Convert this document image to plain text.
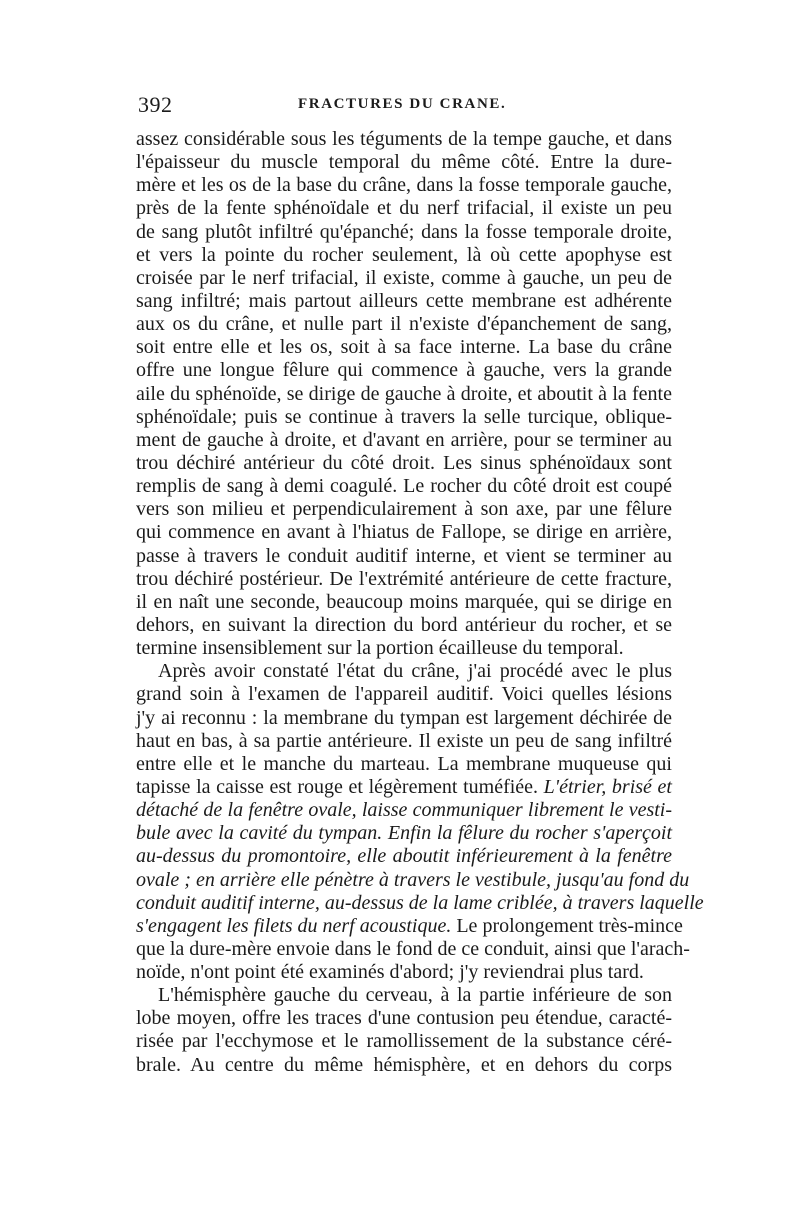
392	FRACTURES DU CRANE.
assez considérable sous les téguments de la tempe gauche, et dans
l'épaisseur du muscle temporal du même côté. Entre la dure-
mère et les os de la base du crâne, dans la fosse temporale gauche,
près de la fente sphénoïdale et du nerf trifacial, il existe un peu
de sang plutôt infiltré qu'épanché; dans la fosse temporale droite,
et vers la pointe du rocher seulement, là où cette apophyse est
croisée par le nerf trifacial, il existe, comme à gauche, un peu de
sang infiltré; mais partout ailleurs cette membrane est adhérente
aux os du crâne, et nulle part il n'existe d'épanchement de sang,
soit entre elle et les os, soit à sa face interne. La base du crâne
offre une longue fêlure qui commence à gauche, vers la grande
aile du sphénoïde, se dirige de gauche à droite, et aboutit à la fente
sphénoïdale; puis se continue à travers la selle turcique, oblique-
ment de gauche à droite, et d'avant en arrière, pour se terminer au
trou déchiré antérieur du côté droit. Les sinus sphénoïdaux sont
remplis de sang à demi coagulé. Le rocher du côté droit est coupé
vers son milieu et perpendiculairement à son axe, par une fêlure
qui commence en avant à l'hiatus de Fallope, se dirige en arrière,
passe à travers le conduit auditif interne, et vient se terminer au
trou déchiré postérieur. De l'extrémité antérieure de cette fracture,
il en naît une seconde, beaucoup moins marquée, qui se dirige en
dehors, en suivant la direction du bord antérieur du rocher, et se
termine insensiblement sur la portion écailleuse du temporal.
Après avoir constaté l'état du crâne, j'ai procédé avec le plus
grand soin à l'examen de l'appareil auditif. Voici quelles lésions
j'y ai reconnu : la membrane du tympan est largement déchirée de
haut en bas, à sa partie antérieure. Il existe un peu de sang infiltré
entre elle et le manche du marteau. La membrane muqueuse qui
tapisse la caisse est rouge et légèrement tuméfiée. L'étrier, brisé et
détaché de la fenêtre ovale, laisse communiquer librement le vesti-
bule avec la cavité du tympan. Enfin la fêlure du rocher s'aperçoit
au-dessus du promontoire, elle aboutit inférieurement à la fenêtre
ovale ; en arrière elle pénètre à travers le vestibule, jusqu'au fond du
conduit auditif interne, au-dessus de la lame criblée, à travers laquelle
s'engagent les filets du nerf acoustique. Le prolongement très-mince
que la dure-mère envoie dans le fond de ce conduit, ainsi que l'arach-
noïde, n'ont point été examinés d'abord; j'y reviendrai plus tard.
L'hémisphère gauche du cerveau, à la partie inférieure de son
lobe moyen, offre les traces d'une contusion peu étendue, caracté-
risée par l'ecchymose et le ramollissement de la substance céré-
brale. Au centre du même hémisphère, et en dehors du corps
